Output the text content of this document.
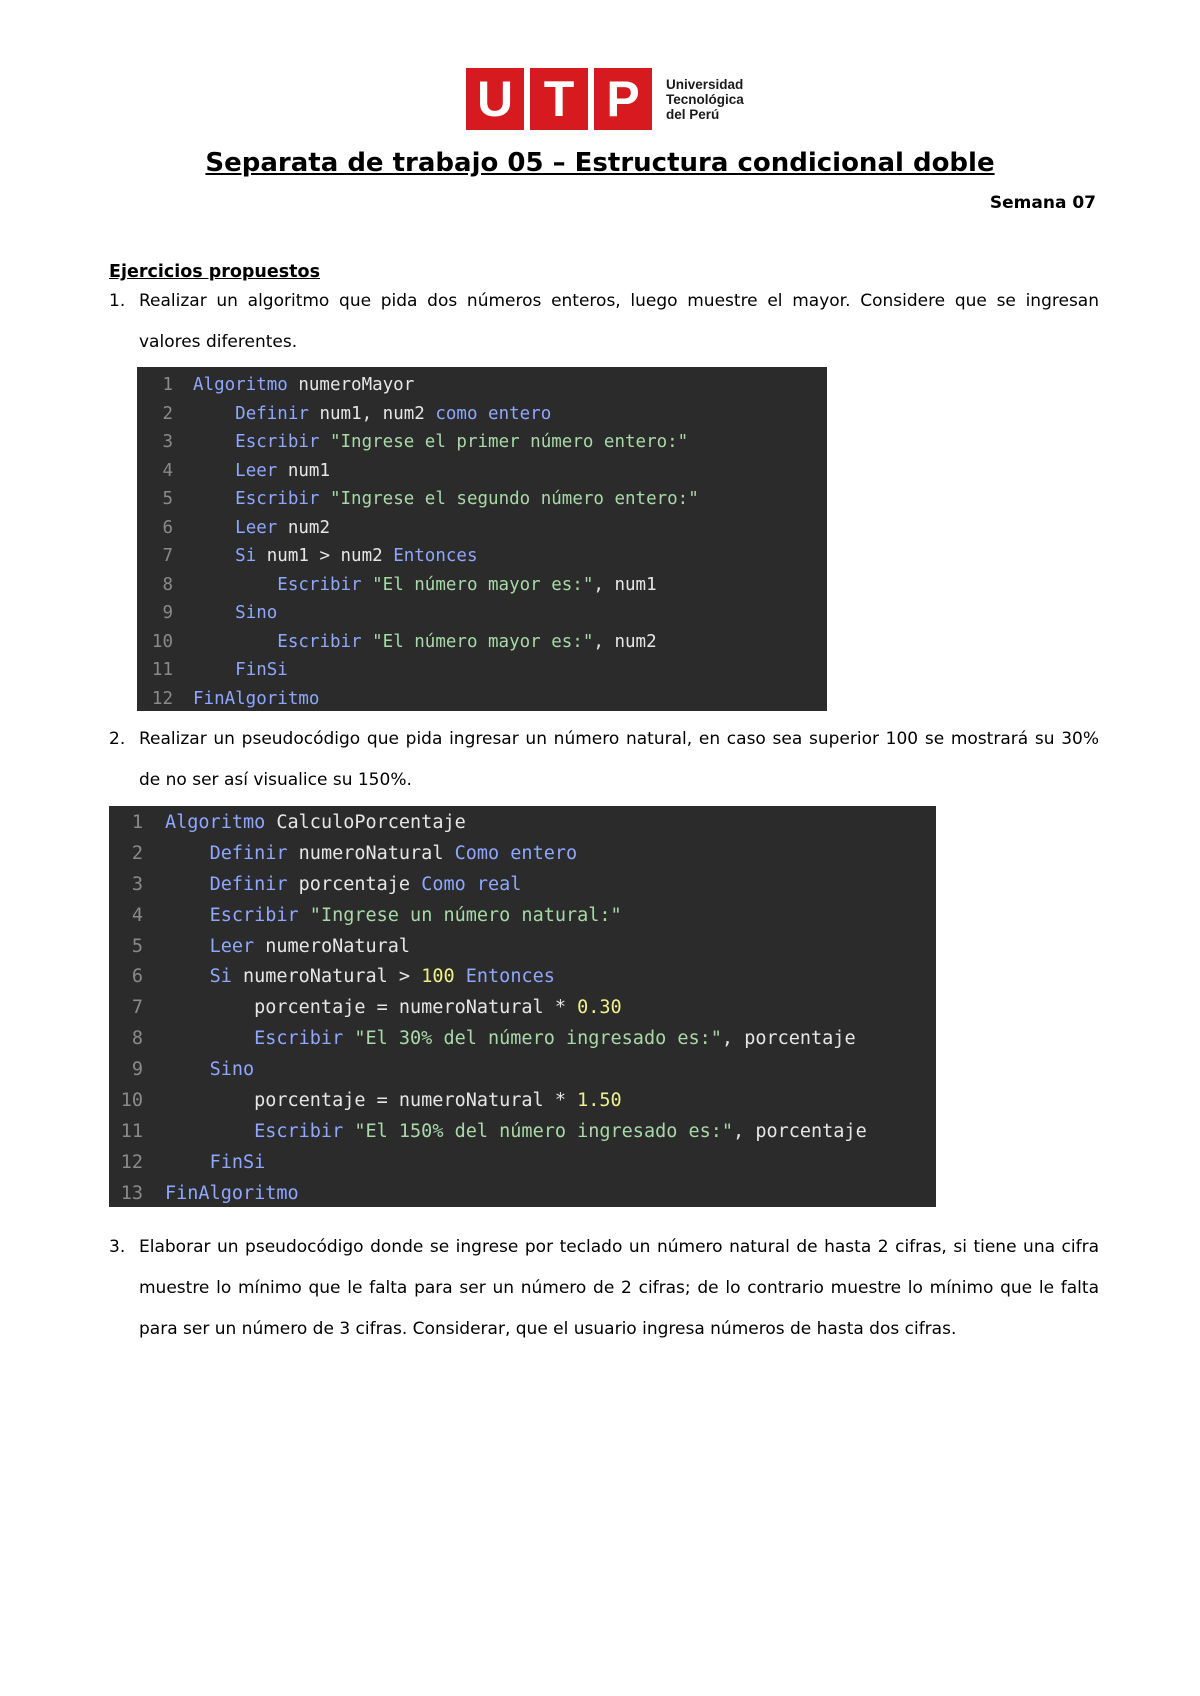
U T P	Universidad
Tecnológica
del Perú
Separata de trabajo 05 – Estructura condicional doble
Semana 07
Ejercicios propuestos
1. Realizar un algoritmo que pida dos números enteros, luego muestre el mayor. Considere que se ingresan valores diferentes.
1 Algoritmo numeroMayor
2	Definir num1, num2 como entero
3	Escribir "Ingrese el primer número entero:"
4	Leer num1
5	Escribir "Ingrese el segundo número entero:"
6	Leer num2
7	Si num1 > num2 Entonces
8	Escribir "El número mayor es:", num1
9	Sino
10	Escribir "El número mayor es:", num2
11	FinSi
12 FinAlgoritmo
2. Realizar un pseudocódigo que pida ingresar un número natural, en caso sea superior 100 se mostrará su 30% de no ser así visualice su 150%.
1 Algoritmo CalculoPorcentaje
2	Definir numeroNatural Como entero
3	Definir porcentaje Como real
4	Escribir "Ingrese un número natural:"
5	Leer numeroNatural
6	Si numeroNatural > 100 Entonces
7 porcentaje = numeroNatural * 0.30
8	Escribir "El 30% del número ingresado es:", porcentaje
9	Sino
10 porcentaje = numeroNatural * 1.50
11	Escribir "El 150% del número ingresado es:", porcentaje
12	FinSi
13 FinAlgoritmo
3. Elaborar un pseudocódigo donde se ingrese por teclado un número natural de hasta 2 cifras, si tiene una cifra muestre lo mínimo que le falta para ser un número de 2 cifras; de lo contrario muestre lo mínimo que le falta para ser un número de 3 cifras. Considerar, que el usuario ingresa números de hasta dos cifras.
